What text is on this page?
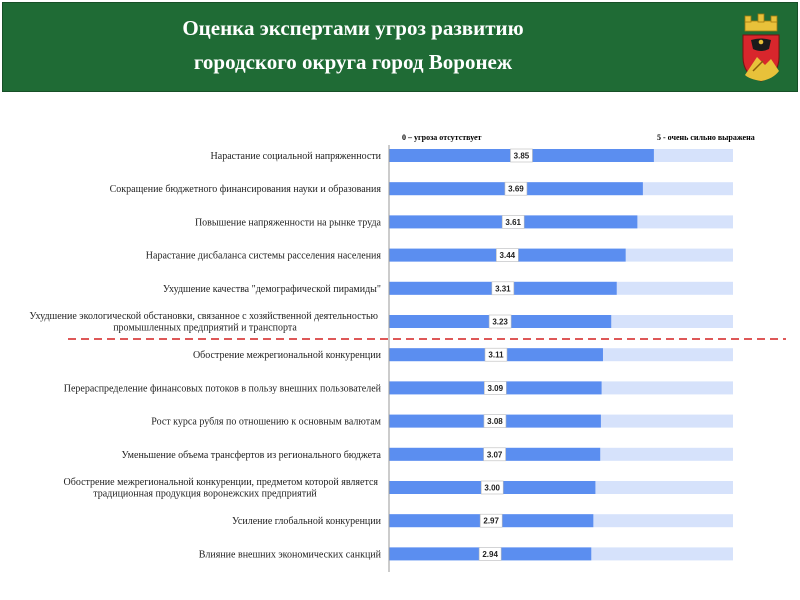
Оценка экспертами угроз развитию
городского округа город Воронеж
3.85
3.69
3.61
3.44
3.31
3.23
3.11
3.09
3.08
3.07
3.00
2.97
2.94
Нарастание социальной напряженности
Сокращение бюджетного финансирования науки и образования
Повышение напряженности на рынке труда
Нарастание дисбаланса системы расселения населения
Ухудшение качества "демографической пирамиды"
Ухудшение экологической обстановки, связанное с хозяйственной деятельностью
промышленных предприятий и транспорта
Обострение межрегиональной конкуренции
Перераспределение финансовых потоков в пользу внешних пользователей
Рост курса рубля по отношению к основным валютам
Уменьшение объема трансфертов из регионального бюджета
Обострение межрегиональной конкуренции, предметом которой является
традиционная продукция воронежских предприятий
Усиление глобальной конкуренции
Влияние внешних экономических санкций
0 – угроза отсутствует	5 - очень сильно выражена
